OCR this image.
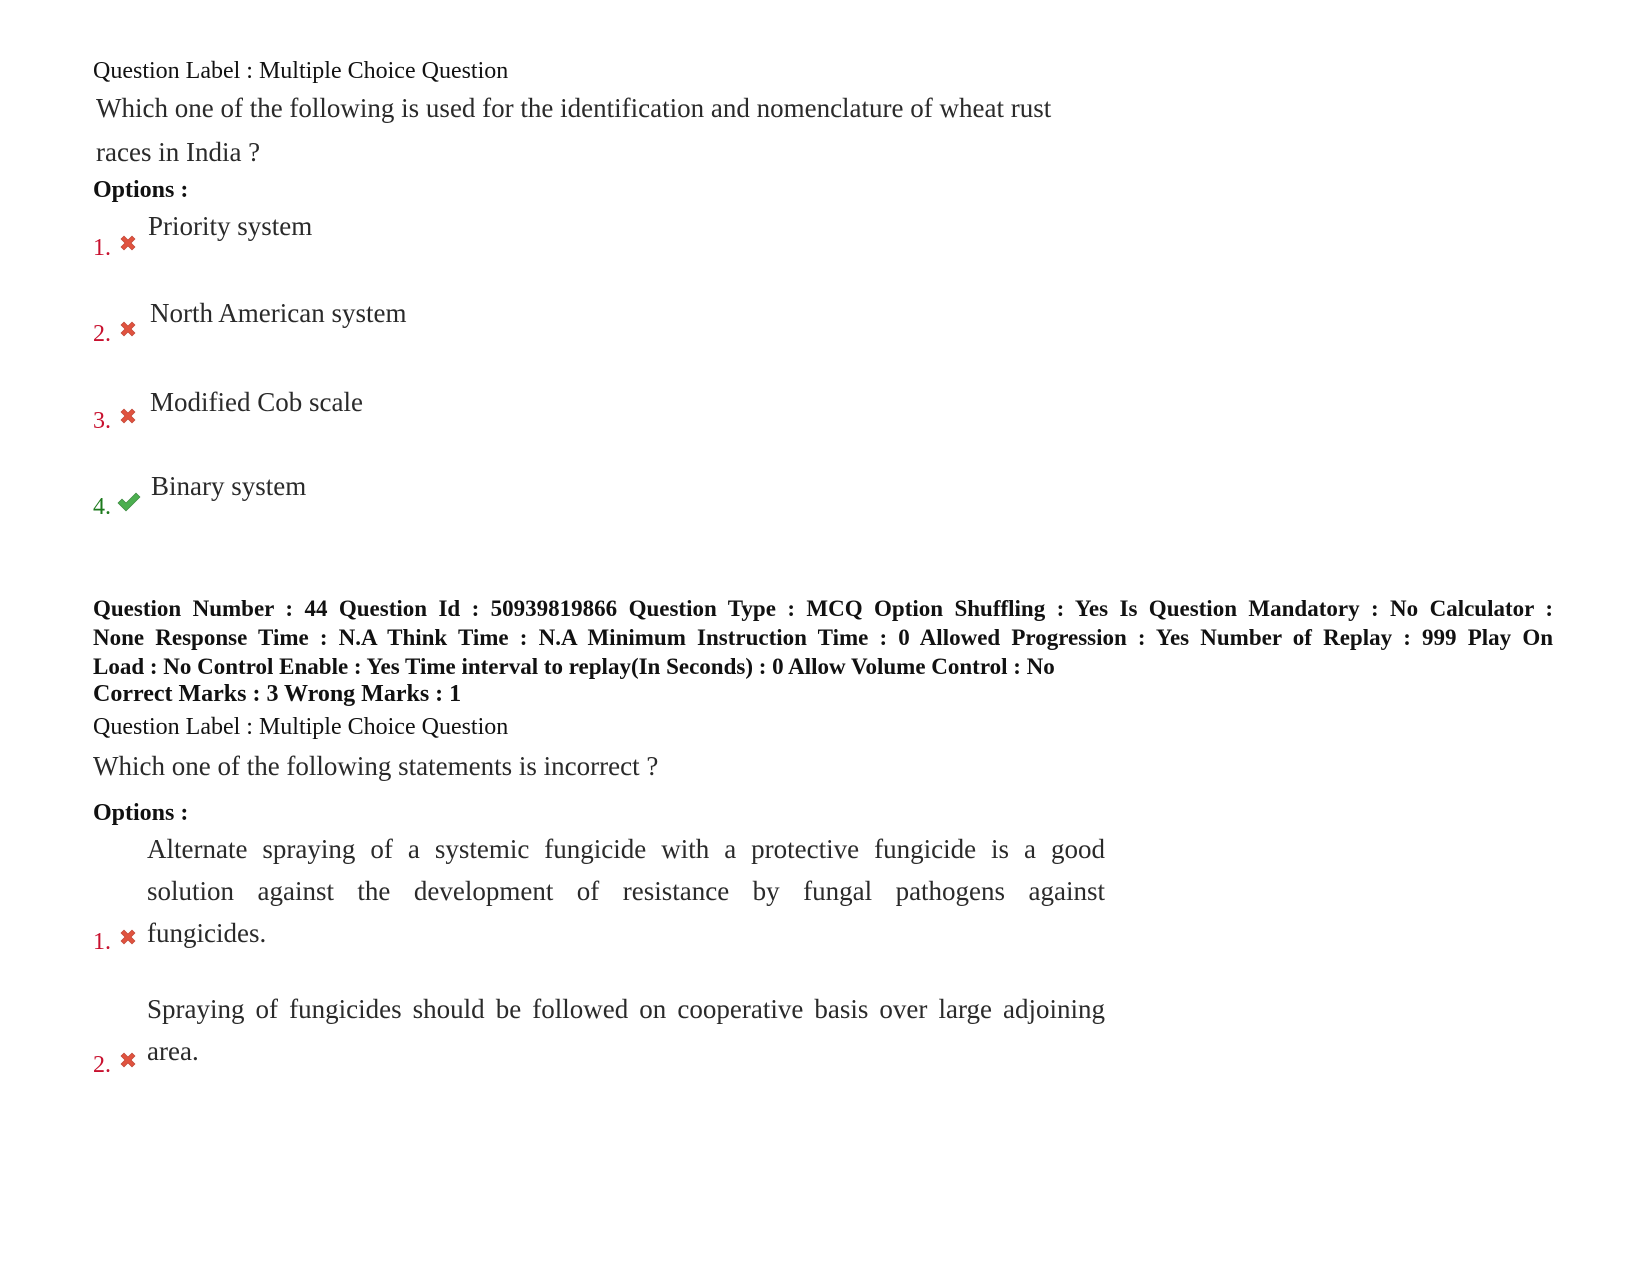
Question Label : Multiple Choice Question

Which one of the following is used for the identification and nomenclature of wheat rust
races in India ?

Options :

1.
Priority system
2.
North American system
3.
Modified Cob scale
4.
Binary system
Question Number : 44 Question Id : 50939819866 Question Type : MCQ Option Shuffling : Yes Is Question Mandatory : No Calculator :
None Response Time : N.A Think Time : N.A Minimum Instruction Time : 0 Allowed Progression : Yes Number of Replay : 999 Play On
Load : No Control Enable : Yes Time interval to replay(In Seconds) : 0 Allow Volume Control : No

Correct Marks : 3 Wrong Marks : 1

Question Label : Multiple Choice Question

Which one of the following statements is incorrect ?

Options :

1.
Alternate spraying of a systemic fungicide with a protective fungicide is a good
solution against the development of resistance by fungal pathogens against
fungicides.
2.
Spraying of fungicides should be followed on cooperative basis over large adjoining
area.
